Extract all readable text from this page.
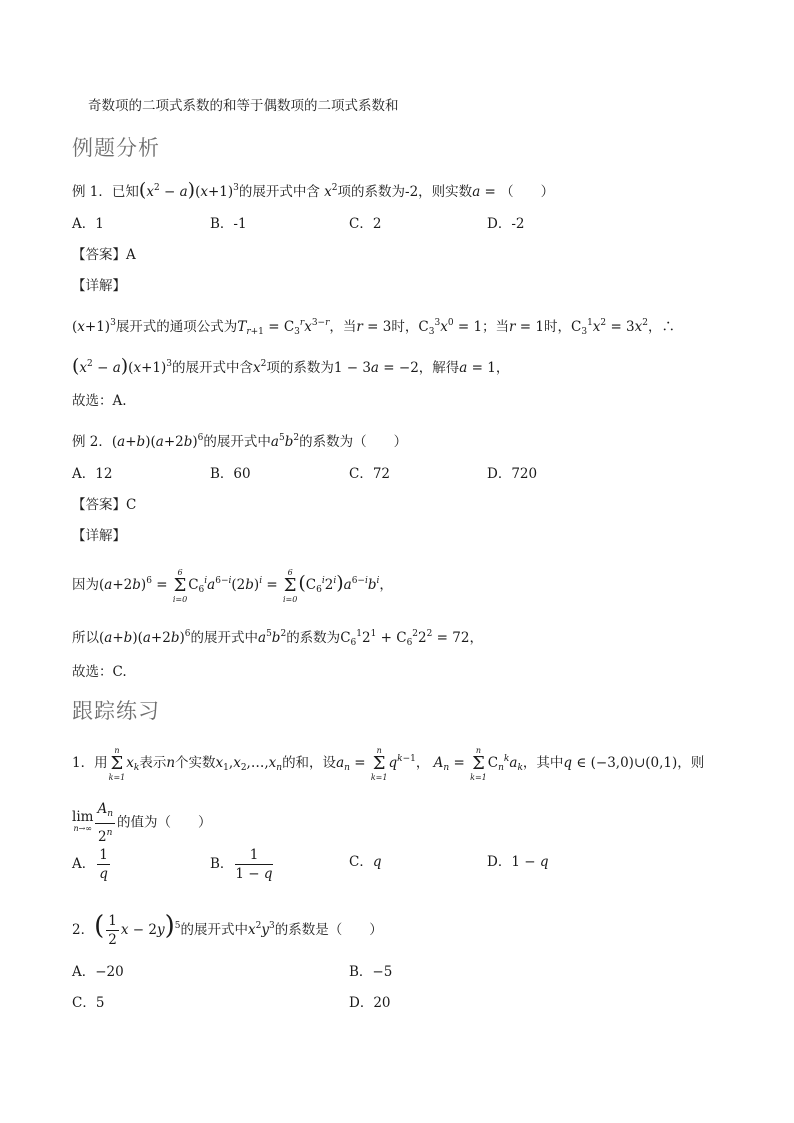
奇数项的二项式系数的和等于偶数项的二项式系数和
例题分析
例 1．已知$(x^2 - a)(x+1)^3$的展开式中含 $x^2$项的系数为-2，则实数a = （　　）
A．1	B．-1	C．2	D．-2
【答案】A
【详解】
$(x+1)^3$展开式的通项公式为$T_{r+1} = C_3^rx^{3-r}$，当r = 3时，$C_3^3x^0 = 1$；当r = 1时，$C_3^1x^2 = 3x^2$，∴
$(x^2 - a)(x+1)^3$的展开式中含$x^2$项的系数为1 − 3a = −2，解得a = 1，
故选：A.
例 2．$(a+b)(a+2b)^6$的展开式中$a^5b^2$的系数为（　　）
A．12	B．60	C．72	D．720
【答案】C
【详解】
因为$(a+2b)^6$ =
6
Σ
i=0
$C_6^ia^{6-i}(2b)^i$ =
6
Σ
i=0
$(C_6^i2^i)a^{6-i}b^i$，
所以$(a+b)(a+2b)^6$的展开式中$a^5b^2$的系数为$C_6^12^1 + C_6^22^2 = 72$，
故选：C.
跟踪练习
1．用
n
Σ
k=1
$x_k$表示n个实数$x_1,x_2,\dots,x_n$的和，设$a_n$ =
n
Σ
k=1
$q^{k-1}$， $A_n$ =
n
Σ
k=1
$C_n^ka_k$，其中q ∈ (−3,0)∪(0,1)，则
lim
$n\to\infty \frac{A_n}{2^n}$ 的值为（　　）
A． $\frac{1}{q}$	B． $\frac{1}{1 - q}$	C．q	D．1 − q
2．( $\frac{1}{2}$ x − 2y)$^5$的展开式中$x^2y^3$的系数是（　　）
A．−20	B．−5
C．5	D．20
